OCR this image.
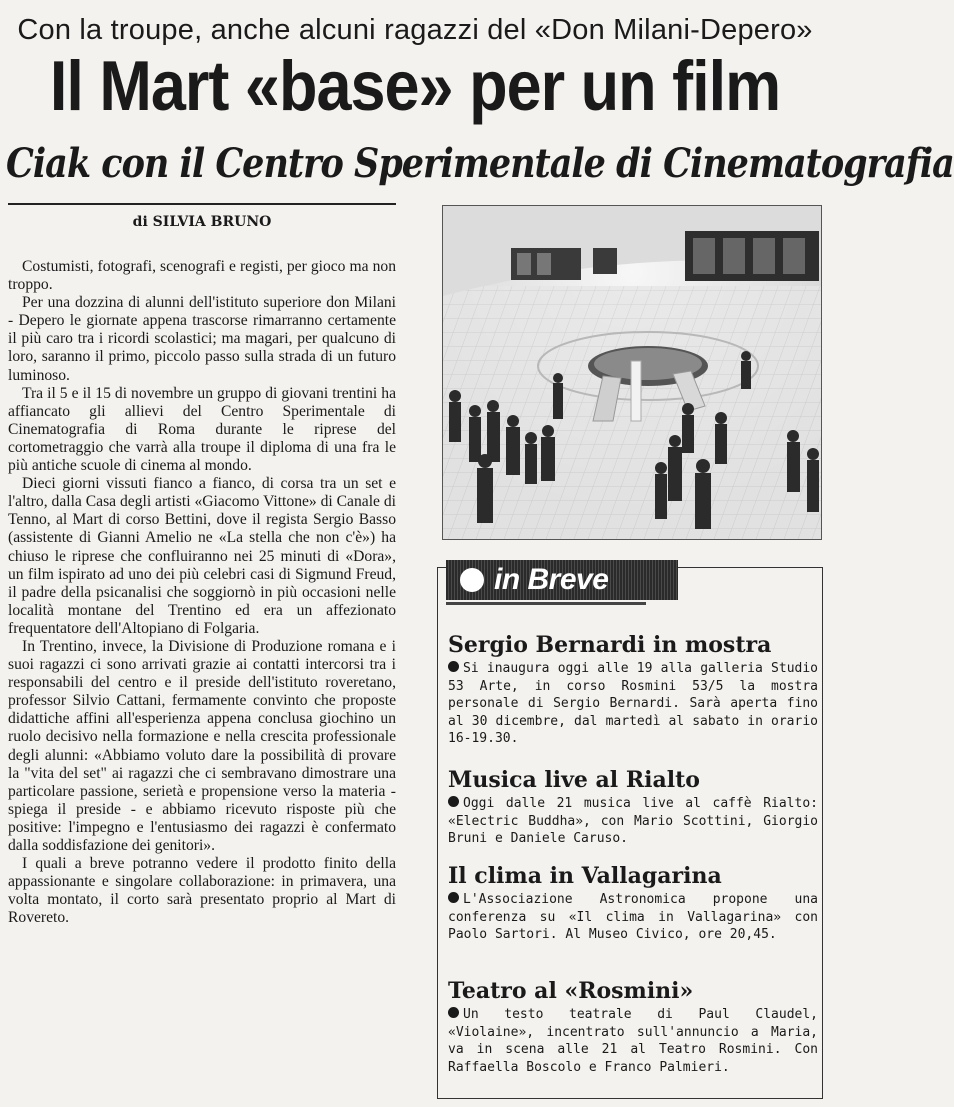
Con la troupe, anche alcuni ragazzi del «Don Milani-Depero»
Il Mart «base» per un film
Ciak con il Centro Sperimentale di Cinematografia
di SILVIA BRUNO

Costumisti, fotografi, scenografi e registi, per gioco ma non troppo.

Per una dozzina di alunni dell'istituto superiore don Milani - Depero le giornate appena trascorse rimarranno certamente il più caro tra i ricordi scolastici; ma magari, per qualcuno di loro, saranno il primo, piccolo passo sulla strada di un futuro luminoso.

Tra il 5 e il 15 di novembre un gruppo di giovani trentini ha affiancato gli allievi del Centro Sperimentale di Cinematografia di Roma durante le riprese del cortometraggio che varrà alla troupe il diploma di una fra le più antiche scuole di cinema al mondo.

Dieci giorni vissuti fianco a fianco, di corsa tra un set e l'altro, dalla Casa degli artisti «Giacomo Vittone» di Canale di Tenno, al Mart di corso Bettini, dove il regista Sergio Basso (assistente di Gianni Amelio ne «La stella che non c'è») ha chiuso le riprese che confluiranno nei 25 minuti di «Dora», un film ispirato ad uno dei più celebri casi di Sigmund Freud, il padre della psicanalisi che soggiornò in più occasioni nelle località montane del Trentino ed era un affezionato frequentatore dell'Altopiano di Folgaria.

In Trentino, invece, la Divisione di Produzione romana e i suoi ragazzi ci sono arrivati grazie ai contatti intercorsi tra i responsabili del centro e il preside dell'istituto roveretano, professor Silvio Cattani, fermamente convinto che proposte didattiche affini all'esperienza appena conclusa giochino un ruolo decisivo nella formazione e nella crescita professionale degli alunni: «Abbiamo voluto dare la possibilità di provare la "vita del set" ai ragazzi che ci sembravano dimostrare una particolare passione, serietà e propensione verso la materia - spiega il preside - e abbiamo ricevuto risposte più che positive: l'impegno e l'entusiasmo dei ragazzi è confermato dalla soddisfazione dei genitori».

I quali a breve potranno vedere il prodotto finito della appassionante e singolare collaborazione: in primavera, una volta montato, il corto sarà presentato proprio al Mart di Rovereto.

in Breve
Sergio Bernardi in mostra

Si inaugura oggi alle 19 alla galleria Studio 53 Arte, in corso Rosmini 53/5 la mostra personale di Sergio Bernardi. Sarà aperta fino al 30 dicembre, dal martedì al sabato in orario 16-19.30.

Musica live al Rialto

Oggi dalle 21 musica live al caffè Rialto: «Electric Buddha», con Mario Scottini, Giorgio Bruni e Daniele Caruso.

Il clima in Vallagarina

L'Associazione Astronomica propone una conferenza su «Il clima in Vallagarina» con Paolo Sartori. Al Museo Civico, ore 20,45.

Teatro al «Rosmini»

Un testo teatrale di Paul Claudel, «Violaine», incentrato sull'annuncio a Maria, va in scena alle 21 al Teatro Rosmini. Con Raffaella Boscolo e Franco Palmieri.
